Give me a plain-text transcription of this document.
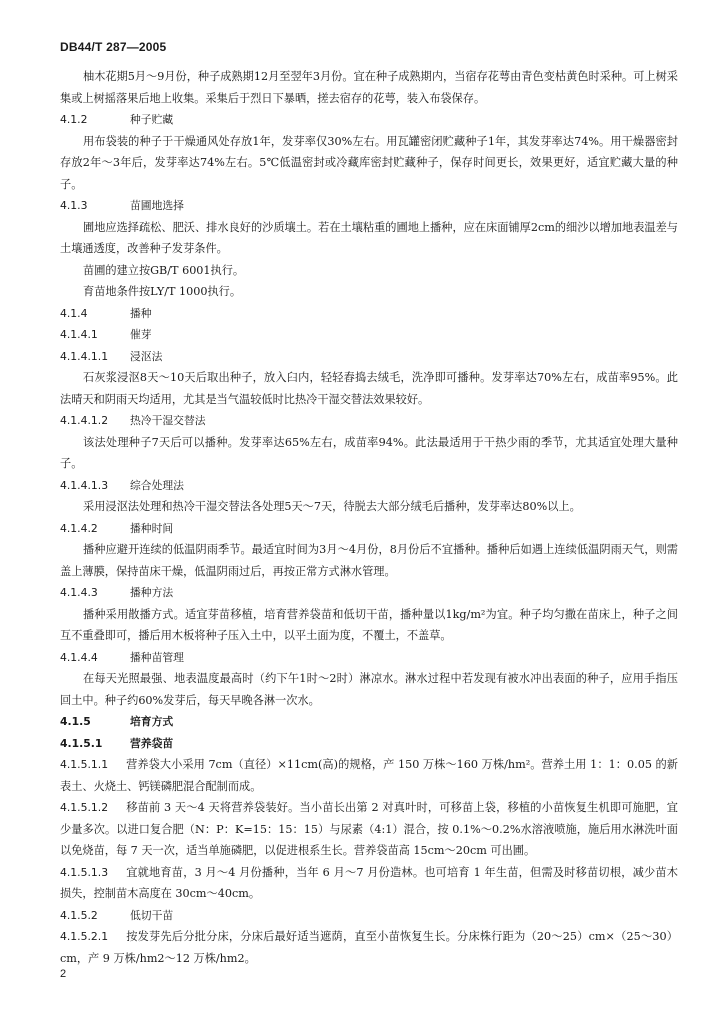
DB44/T 287—2005

柚木花期5月～9月份，种子成熟期12月至翌年3月份。宜在种子成熟期内，当宿存花萼由青色变枯黄色时采种。可上树采集或上树摇落果后地上收集。采集后于烈日下暴晒，搓去宿存的花萼，装入布袋保存。

4.1.2	种子贮藏

用布袋装的种子于干燥通风处存放1年，发芽率仅30%左右。用瓦罐密闭贮藏种子1年，其发芽率达74%。用干燥器密封存放2年～3年后，发芽率达74%左右。5℃低温密封或冷藏库密封贮藏种子，保存时间更长，效果更好，适宜贮藏大量的种子。

4.1.3	苗圃地选择

圃地应选择疏松、肥沃、排水良好的沙质壤土。若在土壤粘重的圃地上播种，应在床面铺厚2cm的细沙以增加地表温差与土壤通透度，改善种子发芽条件。

苗圃的建立按GB/T 6001执行。

育苗地条件按LY/T 1000执行。

4.1.4	播种

4.1.4.1	催芽

4.1.4.1.1 浸沤法

石灰浆浸沤8天～10天后取出种子，放入臼内，轻轻舂捣去绒毛，洗净即可播种。发芽率达70%左右，成苗率95%。此法晴天和阴雨天均适用，尤其是当气温较低时比热冷干湿交替法效果较好。

4.1.4.1.2 热冷干湿交替法

该法处理种子7天后可以播种。发芽率达65%左右，成苗率94%。此法最适用于干热少雨的季节，尤其适宜处理大量种子。

4.1.4.1.3 综合处理法

采用浸沤法处理和热冷干湿交替法各处理5天～7天，待脱去大部分绒毛后播种，发芽率达80%以上。

4.1.4.2	播种时间

播种应避开连续的低温阴雨季节。最适宜时间为3月～4月份，8月份后不宜播种。播种后如遇上连续低温阴雨天气，则需盖上薄膜，保持苗床干燥，低温阴雨过后，再按正常方式淋水管理。

4.1.4.3	播种方法

播种采用散播方式。适宜芽苗移植，培育营养袋苗和低切干苗，播种量以1kg/m²为宜。种子均匀撒在苗床上，种子之间互不重叠即可，播后用木板将种子压入土中，以平土面为度，不覆土，不盖草。

4.1.4.4	播种苗管理

在每天光照最强、地表温度最高时（约下午1时～2时）淋凉水。淋水过程中若发现有被水冲出表面的种子，应用手指压回土中。种子约60%发芽后，每天早晚各淋一次水。

4.1.5	培育方式

4.1.5.1	营养袋苗

4.1.5.1.1 营养袋大小采用 7cm（直径）×11cm(高)的规格，产 150 万株～160 万株/hm²。营养土用 1：1：0.05 的新表土、火烧土、钙镁磷肥混合配制而成。

4.1.5.1.2 移苗前 3 天～4 天将营养袋装好。当小苗长出第 2 对真叶时，可移苗上袋，移植的小苗恢复生机即可施肥，宜少量多次。以进口复合肥（N：P：K=15：15：15）与尿素（4:1）混合，按 0.1%～0.2%水溶液喷施，施后用水淋洗叶面以免烧苗，每 7 天一次，适当单施磷肥，以促进根系生长。营养袋苗高 15cm～20cm 可出圃。

4.1.5.1.3 宜就地育苗，3 月～4 月份播种，当年 6 月～7 月份造林。也可培育 1 年生苗，但需及时移苗切根，减少苗木损失，控制苗木高度在 30cm～40cm。

4.1.5.2	低切干苗

4.1.5.2.1 按发芽先后分批分床，分床后最好适当遮荫，直至小苗恢复生长。分床株行距为（20～25）cm×（25～30）cm，产 9 万株/hm2～12 万株/hm2。

2
